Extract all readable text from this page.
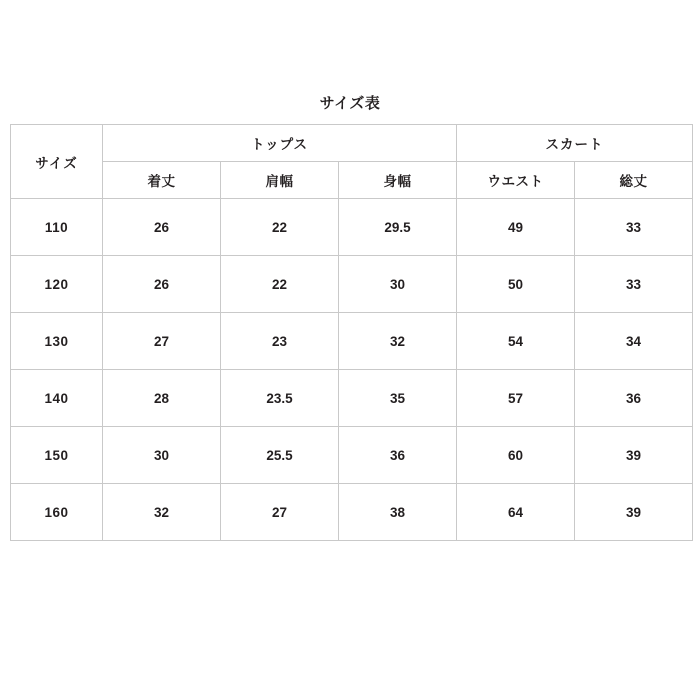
サイズ表
サイズ	トップス			スカート	
	着丈	肩幅	身幅	ウエスト	総丈
110	26	22	29.5	49	33
120	26	22	30	50	33
130	27	23	32	54	34
140	28	23.5	35	57	36
150	30	25.5	36	60	39
160	32	27	38	64	39
